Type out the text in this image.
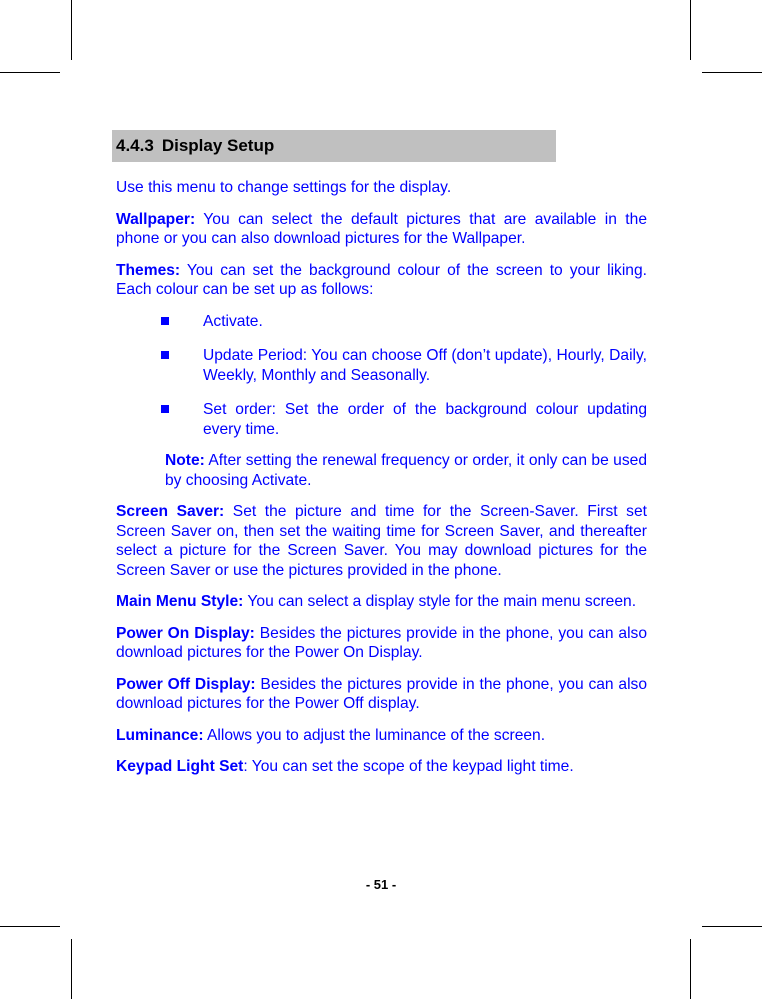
4.4.3 Display Setup

Use this menu to change settings for the display.

Wallpaper: You can select the default pictures that are available in the phone or you can also download pictures for the Wallpaper.

Themes: You can set the background colour of the screen to your liking. Each colour can be set up as follows:

Activate.
Update Period: You can choose Off (don’t update), Hourly, Daily, Weekly, Monthly and Seasonally.
Set order: Set the order of the background colour updating every time.

Note: After setting the renewal frequency or order, it only can be used by choosing Activate.

Screen Saver: Set the picture and time for the Screen-Saver. First set Screen Saver on, then set the waiting time for Screen Saver, and thereafter select a picture for the Screen Saver. You may download pictures for the Screen Saver or use the pictures provided in the phone.

Main Menu Style: You can select a display style for the main menu screen.

Power On Display: Besides the pictures provide in the phone, you can also download pictures for the Power On Display.

Power Off Display: Besides the pictures provide in the phone, you can also download pictures for the Power Off display.

Luminance: Allows you to adjust the luminance of the screen.

Keypad Light Set: You can set the scope of the keypad light time.

- 51 -
